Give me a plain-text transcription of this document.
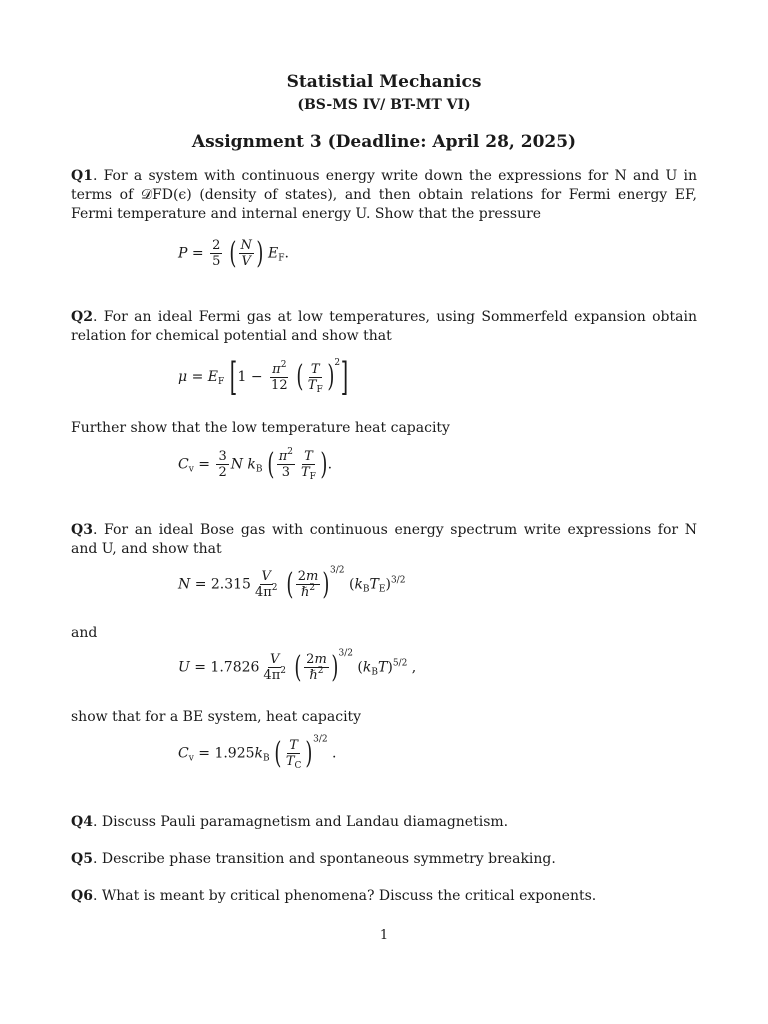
Statistial Mechanics
(BS-MS IV/ BT-MT VI)
Assignment 3 (Deadline: April 28, 2025)
Q1. For a system with continuous energy write down the expressions for N and U in terms of 𝒟FD(ϵ) (density of states), and then obtain relations for Fermi energy EF, Fermi temperature and internal energy U. Show that the pressure
$P = \frac{2}{5}$ ( $\frac{N}{V}$ ) $E_F$.
Q2. For an ideal Fermi gas at low temperatures, using Sommerfeld expansion obtain relation for chemical potential and show that
$\mu = E_F$ [$1 - \frac{\pi^2}{12}$ ( $\frac{T}{T_F} )^2$]
Further show that the low temperature heat capacity
$C_v = \frac{3}{2}$ N $k_B$ ( $\frac{\pi^2}{3} \frac{T}{T_F}$ ).
Q3. For an ideal Bose gas with continuous energy spectrum write expressions for N and U, and show that
$N = 2.315 \frac{V}{4\pi^2}$ ( $\frac{2m}{\hbar^2} )^{3/2}$ $(k_BT_E)^{3/2}$
and
$U = 1.7826 \frac{V}{4\pi^2}$ ( $\frac{2m}{\hbar^2} )^{3/2}$ $(k_BT)^{5/2}$ ,
show that for a BE system, heat capacity
$C_v = 1.925k_B$ ( $\frac{T}{T_C} )^{3/2}$ .
Q4. Discuss Pauli paramagnetism and Landau diamagnetism.
Q5. Describe phase transition and spontaneous symmetry breaking.
Q6. What is meant by critical phenomena? Discuss the critical exponents.
1
